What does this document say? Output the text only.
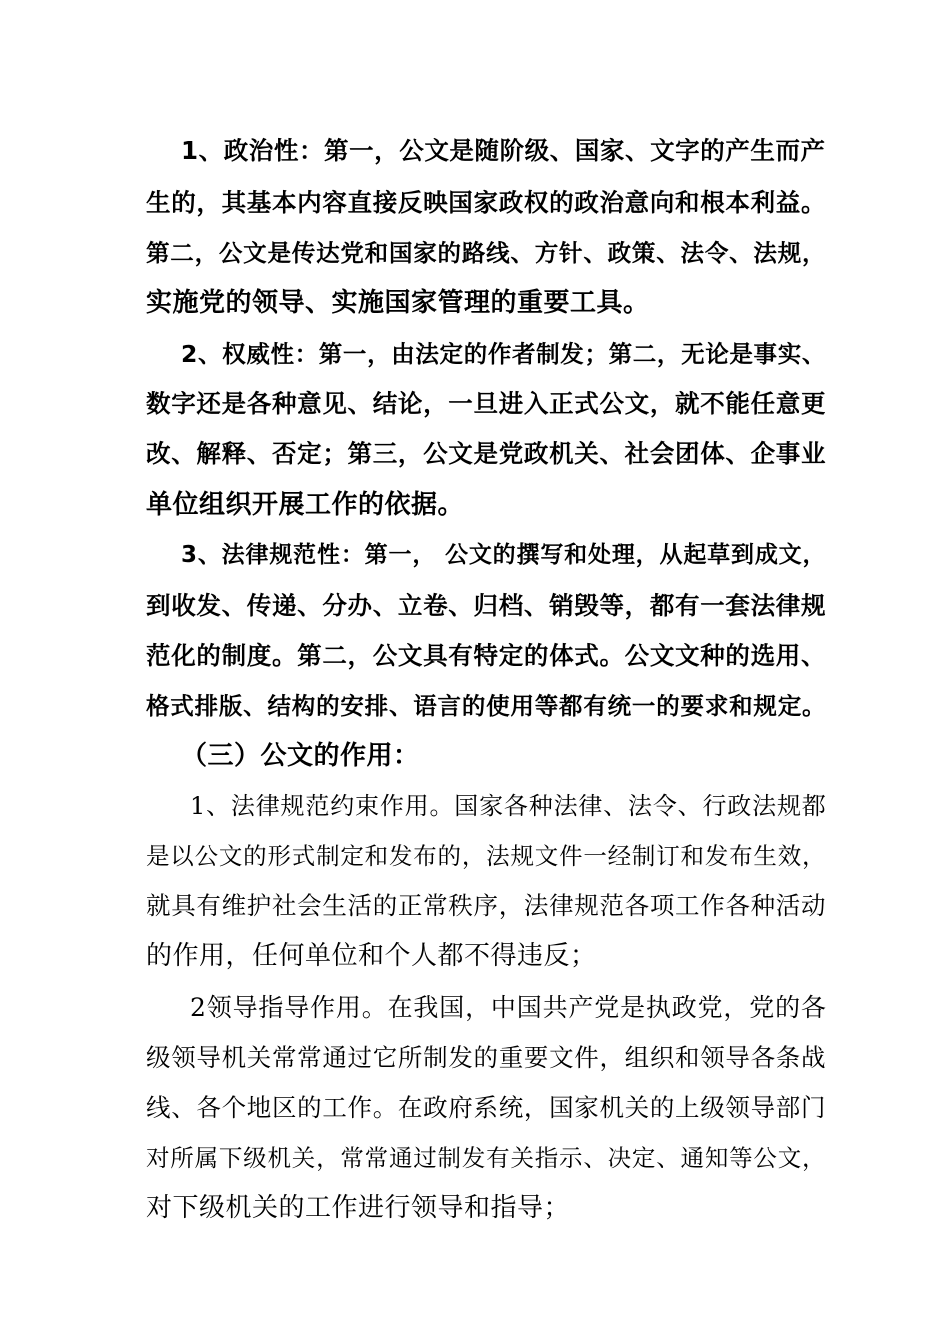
1、政治性：第一，公文是随阶级、国家、文字的产生而产
生的，其基本内容直接反映国家政权的政治意向和根本利益。
第二，公文是传达党和国家的路线、方针、政策、法令、法规，
实施党的领导、实施国家管理的重要工具。
2、权威性：第一，由法定的作者制发；第二，无论是事实、
数字还是各种意见、结论，一旦进入正式公文，就不能任意更
改、解释、否定；第三，公文是党政机关、社会团体、企事业
单位组织开展工作的依据。
3、法律规范性：第一， 公文的撰写和处理，从起草到成文，
到收发、传递、分办、立卷、归档、销毁等，都有一套法律规
范化的制度。第二，公文具有特定的体式。公文文种的选用、
格式排版、结构的安排、语言的使用等都有统一的要求和规定。
（三）公文的作用：
1、法律规范约束作用。国家各种法律、法令、行政法规都
是以公文的形式制定和发布的，法规文件一经制订和发布生效，
就具有维护社会生活的正常秩序，法律规范各项工作各种活动
的作用，任何单位和个人都不得违反；
2领导指导作用。在我国，中国共产党是执政党，党的各
级领导机关常常通过它所制发的重要文件，组织和领导各条战
线、各个地区的工作。在政府系统，国家机关的上级领导部门
对所属下级机关，常常通过制发有关指示、决定、通知等公文，
对下级机关的工作进行领导和指导；
